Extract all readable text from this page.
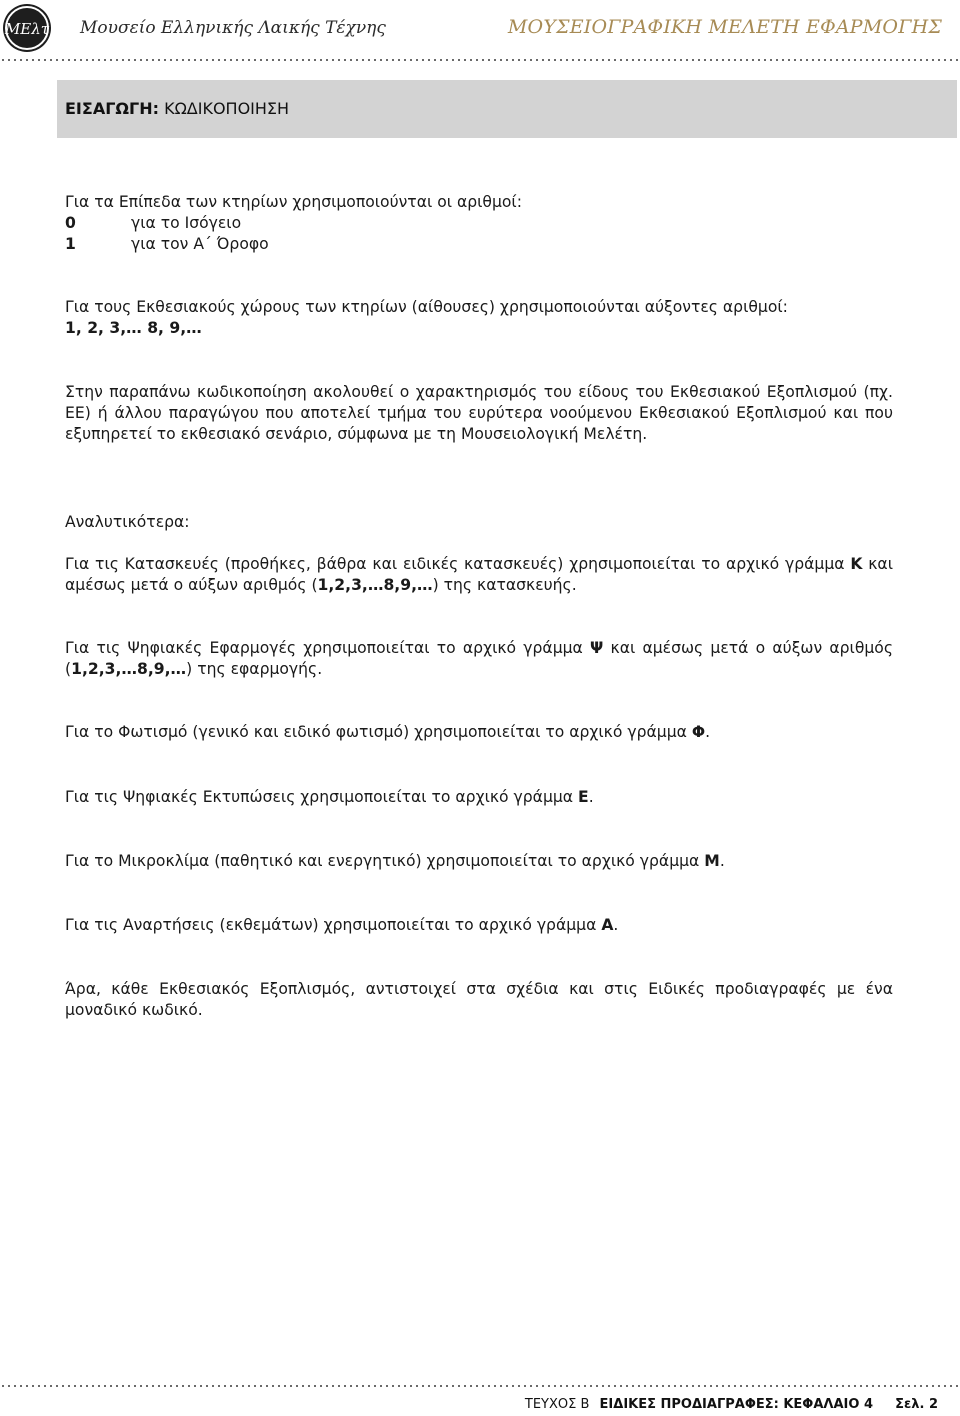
ΜΕλτ Μουσείο Ελληνικής Λαικής Τέχνης	ΜΟΥΣΕΙΟΓΡΑΦΙΚΗ ΜΕΛΕΤΗ ΕΦΑΡΜΟΓΗΣ
ΕΙΣΑΓΩΓΗ: ΚΩΔΙΚΟΠΟΙΗΣΗ
Για τα Επίπεδα των κτηρίων χρησιμοποιούνται οι αριθμοί:
0	για το Ισόγειο
1	για τον Α΄ Όροφο
Για τους Εκθεσιακούς χώρους των κτηρίων (αίθουσες) χρησιμοποιούνται αύξοντες αριθμοί:
1, 2, 3,… 8, 9,…
Στην παραπάνω κωδικοποίηση ακολουθεί ο χαρακτηρισμός του είδους του Εκθεσιακού Εξοπλισμού (πχ. ΕΕ) ή άλλου παραγώγου που αποτελεί τμήμα του ευρύτερα νοούμενου Εκθεσιακού Εξοπλισμού και που εξυπηρετεί το εκθεσιακό σενάριο, σύμφωνα με τη Μουσειολογική Μελέτη.
Αναλυτικότερα:
Για τις Κατασκευές (προθήκες, βάθρα και ειδικές κατασκευές) χρησιμοποιείται το αρχικό γράμμα Κ και αμέσως μετά ο αύξων αριθμός (1,2,3,…8,9,…) της κατασκευής.
Για τις Ψηφιακές Εφαρμογές χρησιμοποιείται το αρχικό γράμμα Ψ και αμέσως μετά ο αύξων αριθμός (1,2,3,…8,9,…) της εφαρμογής.
Για το Φωτισμό (γενικό και ειδικό φωτισμό) χρησιμοποιείται το αρχικό γράμμα Φ.
Για τις Ψηφιακές Εκτυπώσεις χρησιμοποιείται το αρχικό γράμμα Ε.
Για το Μικροκλίμα (παθητικό και ενεργητικό) χρησιμοποιείται το αρχικό γράμμα Μ.
Για τις Αναρτήσεις (εκθεμάτων) χρησιμοποιείται το αρχικό γράμμα Α.
Άρα, κάθε Εκθεσιακός Εξοπλισμός, αντιστοιχεί στα σχέδια και στις Ειδικές προδιαγραφές με ένα μοναδικό κωδικό.
ΤΕΥΧΟΣ Β ΕΙΔΙΚΕΣ ΠΡΟΔΙΑΓΡΑΦΕΣ: ΚΕΦΑΛΑΙΟ 4 Σελ. 2
